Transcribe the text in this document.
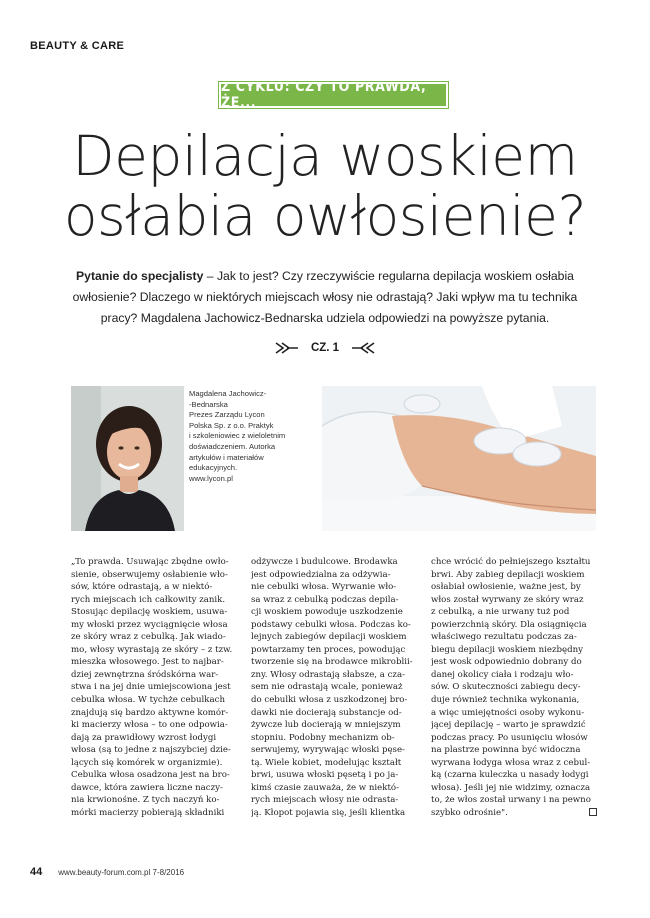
BEAUTY & CARE
Z CYKLU: CZY TO PRAWDA, ŻE...
Depilacja woskiem
osłabia owłosienie?

Pytanie do specjalisty – Jak to jest? Czy rzeczywiście regularna depilacja woskiem osłabia owłosienie? Dlaczego w niektórych miejscach włosy nie odrastają? Jaki wpływ ma tu technika pracy? Magdalena Jachowicz-Bednarska udziela odpowiedzi na powyższe pytania.

CZ. 1
Magdalena Jachowicz-
-Bednarska
Prezes Zarządu Lycon
Polska Sp. z o.o. Praktyk
i szkoleniowiec z wieloletnim
doświadczeniem. Autorka
artykułów i materiałów
edukacyjnych.
www.lycon.pl
„To prawda. Usuwając zbędne owło-
sienie, obserwujemy osłabienie wło-
sów, które odrastają, a w niektó-
rych miejscach ich całkowity zanik.
Stosując depilację woskiem, usuwa-
my włoski przez wyciągnięcie włosa
ze skóry wraz z cebulką. Jak wiado-
mo, włosy wyrastają ze skóry – z tzw.
mieszka włosowego. Jest to najbar-
dziej zewnętrzna śródskórna war-
stwa i na jej dnie umiejscowiona jest
cebulka włosa. W tychże cebulkach
znajdują się bardzo aktywne komór-
ki macierzy włosa – to one odpowia-
dają za prawidłowy wzrost łodygi
włosa (są to jedne z najszybciej dzie-
lących się komórek w organizmie).
Cebulka włosa osadzona jest na bro-
dawce, która zawiera liczne naczy-
nia krwionośne. Z tych naczyń ko-
mórki macierzy pobierają składniki
odżywcze i budulcowe. Brodawka
jest odpowiedzialna za odżywia-
nie cebulki włosa. Wyrwanie wło-
sa wraz z cebulką podczas depila-
cji woskiem powoduje uszkodzenie
podstawy cebulki włosa. Podczas ko-
lejnych zabiegów depilacji woskiem
powtarzamy ten proces, powodując
tworzenie się na brodawce mikroblii-
zny. Włosy odrastają słabsze, a cza-
sem nie odrastają wcale, ponieważ
do cebulki włosa z uszkodzonej bro-
dawki nie docierają substancje od-
żywcze lub docierają w mniejszym
stopniu. Podobny mechanizm ob-
serwujemy, wyrywając włoski pęse-
tą. Wiele kobiet, modelując kształt
brwi, usuwa włoski pęsetą i po ja-
kimś czasie zauważa, że w niektó-
rych miejscach włosy nie odrasta-
ją. Kłopot pojawia się, jeśli klientka
chce wrócić do pełniejszego kształtu
brwi. Aby zabieg depilacji woskiem
osłabiał owłosienie, ważne jest, by
włos został wyrwany ze skóry wraz
z cebulką, a nie urwany tuż pod
powierzchnią skóry. Dla osiągnięcia
właściwego rezultatu podczas za-
biegu depilacji woskiem niezbędny
jest wosk odpowiednio dobrany do
danej okolicy ciała i rodzaju wło-
sów. O skuteczności zabiegu decy-
duje również technika wykonania,
a więc umiejętności osoby wykonu-
jącej depilację – warto je sprawdzić
podczas pracy. Po usunięciu włosów
na plastrze powinna być widoczna
wyrwana łodyga włosa wraz z cebul-
ką (czarna kuleczka u nasady łodygi
włosa). Jeśli jej nie widzimy, oznacza
to, że włos został urwany i na pewno
szybko odrośnie".
44 www.beauty-forum.com.pl 7-8/2016
